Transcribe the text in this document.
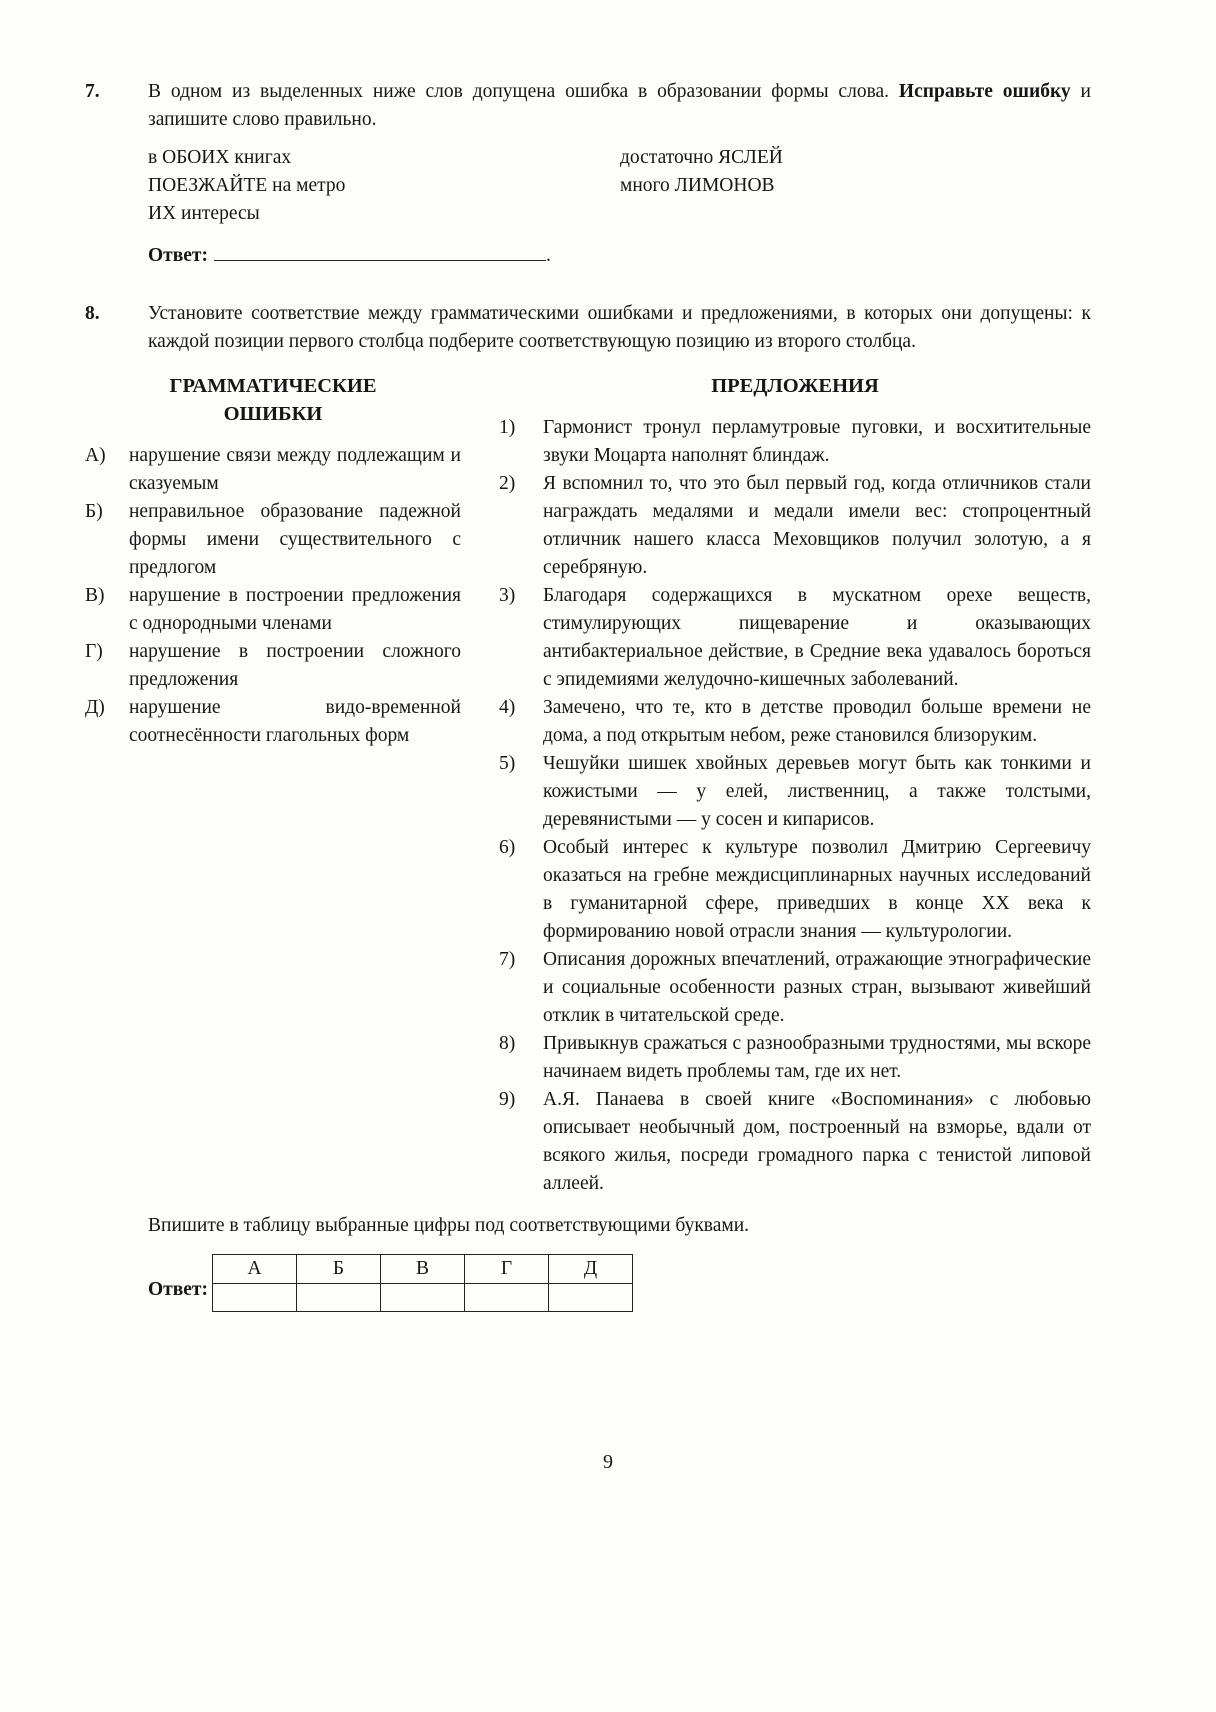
7.	В одном из выделенных ниже слов допущена ошибка в образовании формы слова. Исправьте ошибку и запишите слово правильно.

в ОБОИХ книгах
ПОЕЗЖАЙТЕ на метро
ИХ интересы
достаточно ЯСЛЕЙ
много ЛИМОНОВ

Ответ:	.

8.	Установите соответствие между грамматическими ошибками и предложениями, в которых они допущены: к каждой позиции первого столбца подберите соответствующую позицию из второго столбца.

ГРАММАТИЧЕСКИЕ ОШИБКИ
А)	нарушение связи между подлежащим и сказуемым
Б)	неправильное образование падежной формы имени существительного с предлогом
В)	нарушение в построении предложения с однородными членами
Г)	нарушение в построении сложного предложения
Д)	нарушение видо-временной соотнесённости глагольных форм
ПРЕДЛОЖЕНИЯ
1)	Гармонист тронул перламутровые пуговки, и восхитительные звуки Моцарта наполнят блиндаж.
2)	Я вспомнил то, что это был первый год, когда отличников стали награждать медалями и медали имели вес: стопроцентный отличник нашего класса Меховщиков получил золотую, а я серебряную.
3)	Благодаря содержащихся в мускатном орехе веществ, стимулирующих пищеварение и оказывающих антибактериальное действие, в Средние века удавалось бороться с эпидемиями желудочно-кишечных заболеваний.
4)	Замечено, что те, кто в детстве проводил больше времени не дома, а под открытым небом, реже становился близоруким.
5)	Чешуйки шишек хвойных деревьев могут быть как тонкими и кожистыми — у елей, лиственниц, а также толстыми, деревянистыми — у сосен и кипарисов.
6)	Особый интерес к культуре позволил Дмитрию Сергеевичу оказаться на гребне междисциплинарных научных исследований в гуманитарной сфере, приведших в конце XX века к формированию новой отрасли знания — культурологии.
7)	Описания дорожных впечатлений, отражающие этнографические и социальные особенности разных стран, вызывают живейший отклик в читательской среде.
8)	Привыкнув сражаться с разнообразными трудностями, мы вскоре начинаем видеть проблемы там, где их нет.
9)	А.Я. Панаева в своей книге «Воспоминания» с любовью описывает необычный дом, построенный на взморье, вдали от всякого жилья, посреди громадного парка с тенистой липовой аллеей.

Впишите в таблицу выбранные цифры под соответствующими буквами.

Ответ:
А	Б	В	Г	Д

9
